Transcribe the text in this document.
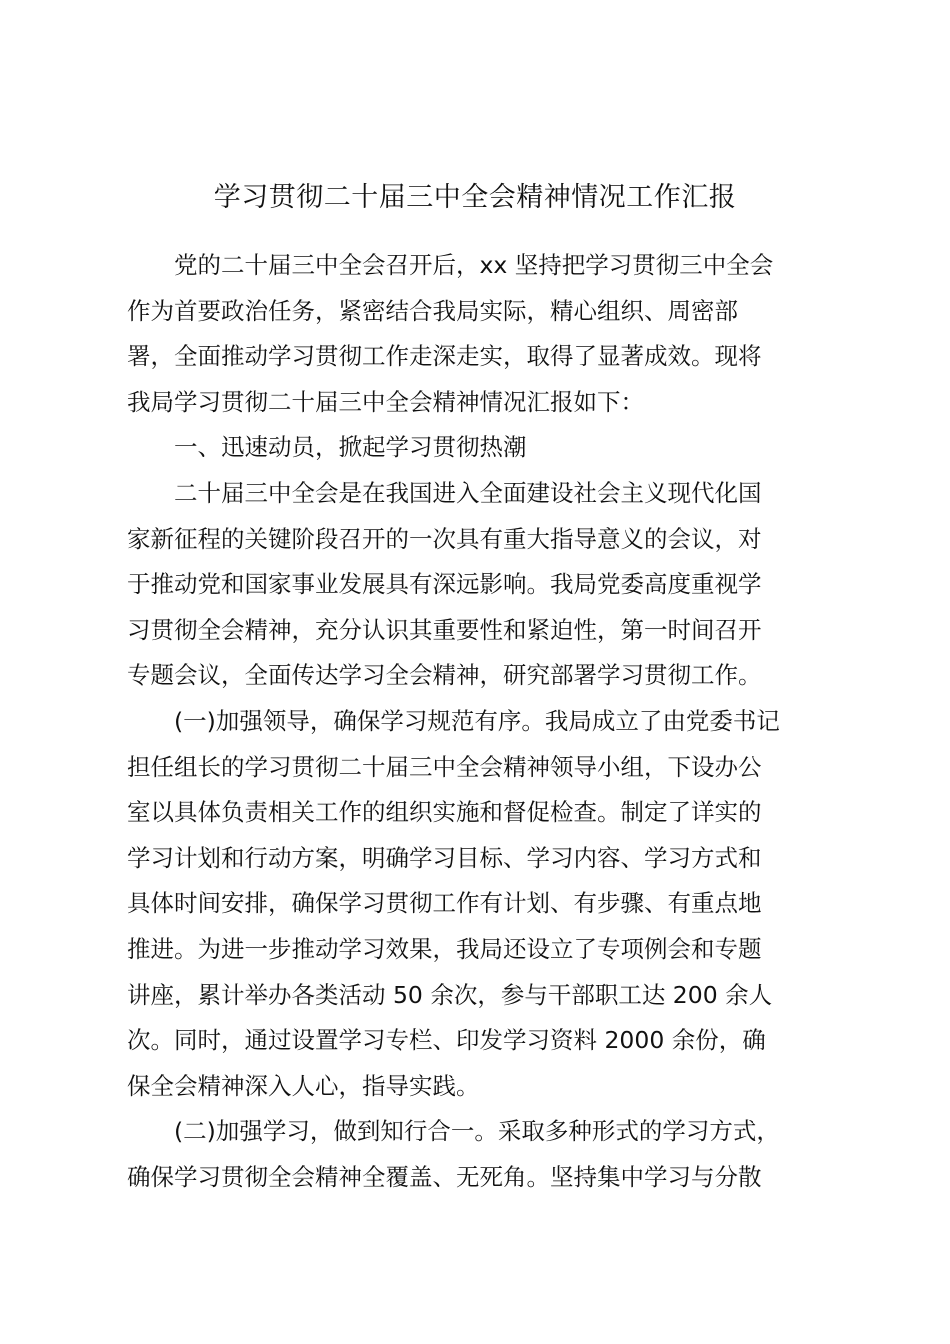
学习贯彻二十届三中全会精神情况工作汇报

党的二十届三中全会召开后，xx 坚持把学习贯彻三中全会
作为首要政治任务，紧密结合我局实际，精心组织、周密部
署，全面推动学习贯彻工作走深走实，取得了显著成效。现将
我局学习贯彻二十届三中全会精神情况汇报如下：

一、迅速动员，掀起学习贯彻热潮

二十届三中全会是在我国进入全面建设社会主义现代化国
家新征程的关键阶段召开的一次具有重大指导意义的会议，对
于推动党和国家事业发展具有深远影响。我局党委高度重视学
习贯彻全会精神，充分认识其重要性和紧迫性，第一时间召开
专题会议，全面传达学习全会精神，研究部署学习贯彻工作。

(一)加强领导，确保学习规范有序。我局成立了由党委书记
担任组长的学习贯彻二十届三中全会精神领导小组，下设办公
室以具体负责相关工作的组织实施和督促检查。制定了详实的
学习计划和行动方案，明确学习目标、学习内容、学习方式和
具体时间安排，确保学习贯彻工作有计划、有步骤、有重点地
推进。为进一步推动学习效果，我局还设立了专项例会和专题
讲座，累计举办各类活动 50 余次，参与干部职工达 200 余人
次。同时，通过设置学习专栏、印发学习资料 2000 余份，确
保全会精神深入人心，指导实践。

(二)加强学习，做到知行合一。采取多种形式的学习方式，
确保学习贯彻全会精神全覆盖、无死角。坚持集中学习与分散
